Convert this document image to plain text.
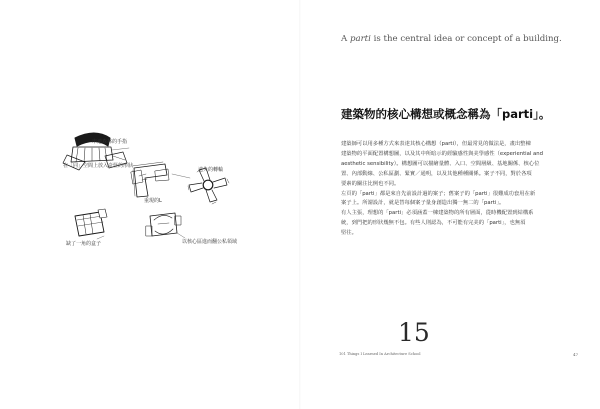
串連森林的手指
在「同」空間上放入奇怪的形狀
遠失的轉輪
重現的L
缺了一角的盒子	以核心區進而翻公私領域
A parti is the central idea or concept of a building.
建築物的核心構想或概念稱為「parti」。
建築師可以用多種方式來表達其核心構想（parti），但最常見的做法是，畫出整棟
建築物的平面配置構想圖，以及其中所暗示的經驗感性與美學感性（experiential and
aesthetic sensibility）。構想圖可以描繪量體、入口、空間層級、基地關係、核心位
置、內部動線、公私區劃、緊實／通明，以及其他種種關係。案子不同，對於各項
要素的關注比例也不同。
左頁的「parti」都是來自先前設計過的案子；舊案子的「parti」很難成功套用在新
案子上。所謂設計，就是替每個案子量身創造出獨一無二的「parti」。
有人主張，理想的「parti」必須涵蓋一棟建築物的所有層面，從時機配置到結構系
統，到門把的形狀幾無不包。有些人則認為，不可能有完美的「parti」，也無須
堅往。
101 Things I Learned In Architecture School
15
47
